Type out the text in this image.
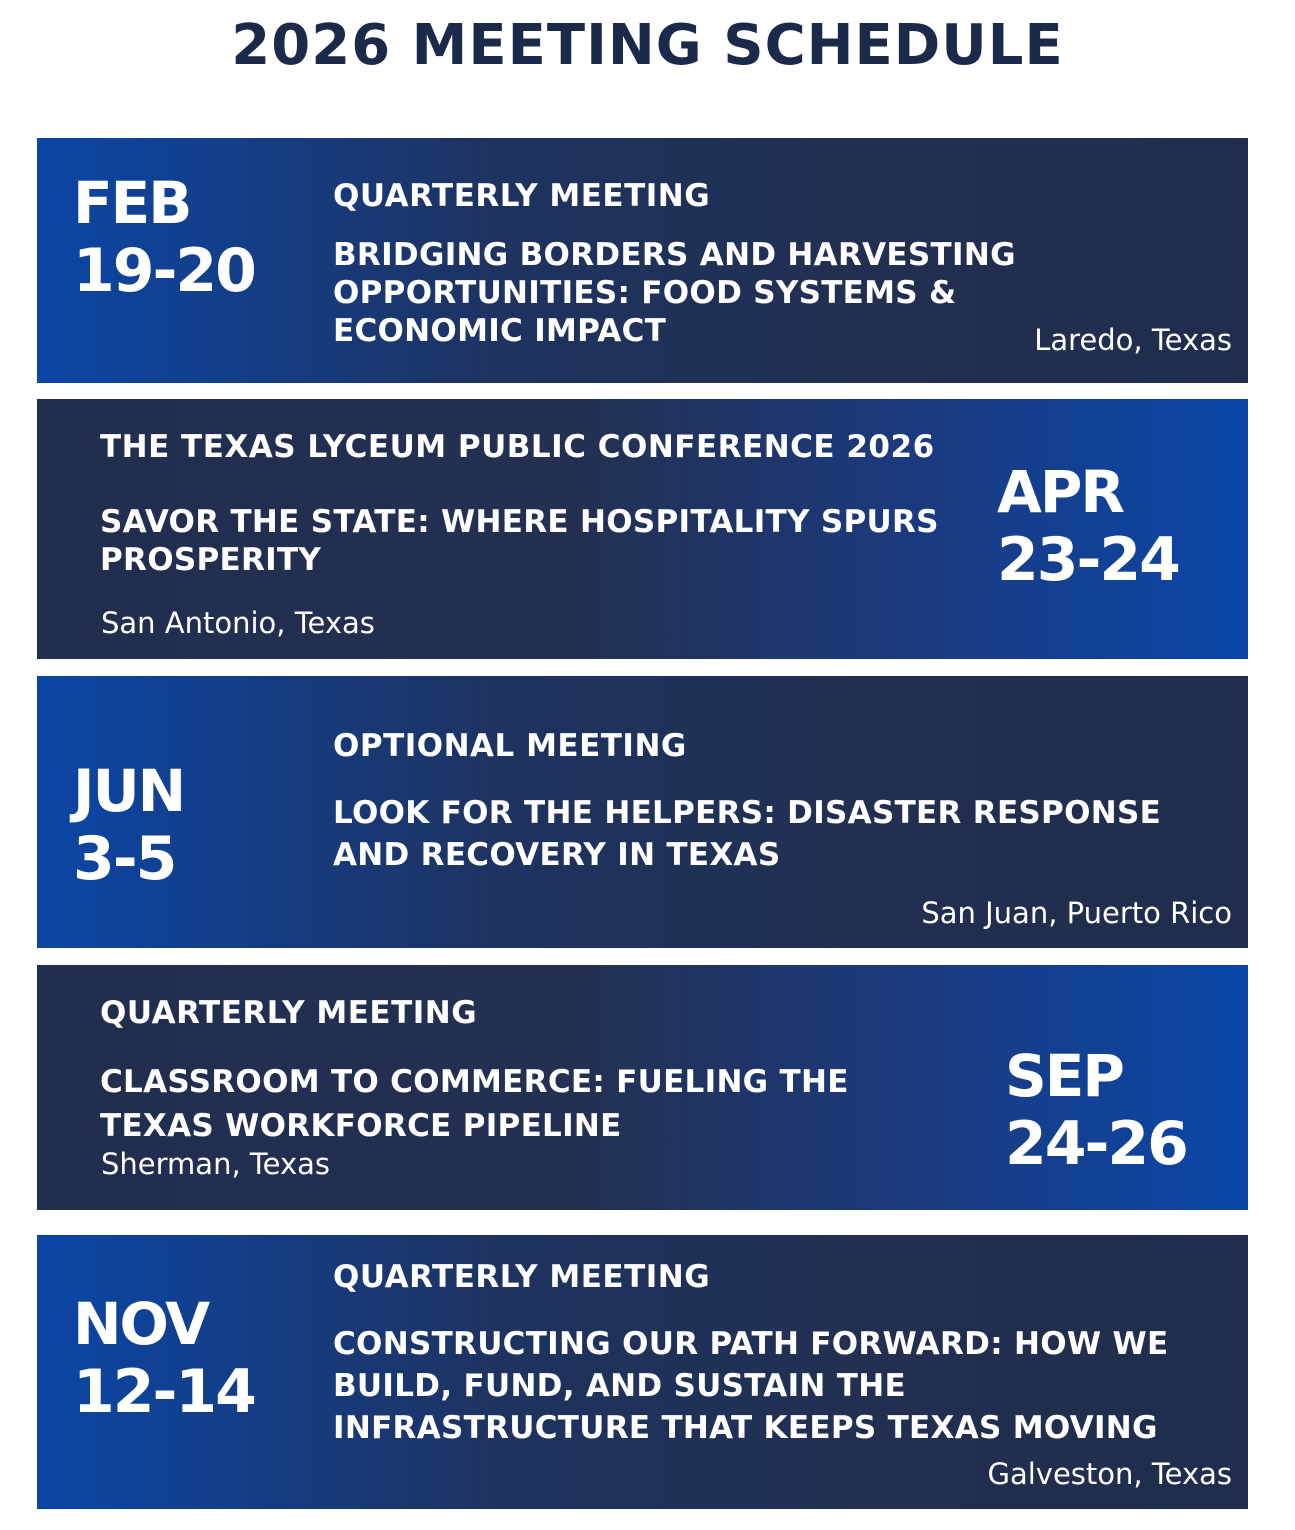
2026 MEETING SCHEDULE
FEB
19-20
QUARTERLY MEETING
BRIDGING BORDERS AND HARVESTING OPPORTUNITIES: FOOD SYSTEMS & ECONOMIC IMPACT	Laredo, Texas
THE TEXAS LYCEUM PUBLIC CONFERENCE 2026
SAVOR THE STATE: WHERE HOSPITALITY SPURS PROSPERITY
San Antonio, Texas
APR
23-24
JUN
3-5
OPTIONAL MEETING
LOOK FOR THE HELPERS: DISASTER RESPONSE AND RECOVERY IN TEXAS
San Juan, Puerto Rico
QUARTERLY MEETING
CLASSROOM TO COMMERCE: FUELING THE TEXAS WORKFORCE PIPELINE
Sherman, Texas
SEP
24-26
NOV
12-14
QUARTERLY MEETING
CONSTRUCTING OUR PATH FORWARD: HOW WE BUILD, FUND, AND SUSTAIN THE INFRASTRUCTURE THAT KEEPS TEXAS MOVING
Galveston, Texas
